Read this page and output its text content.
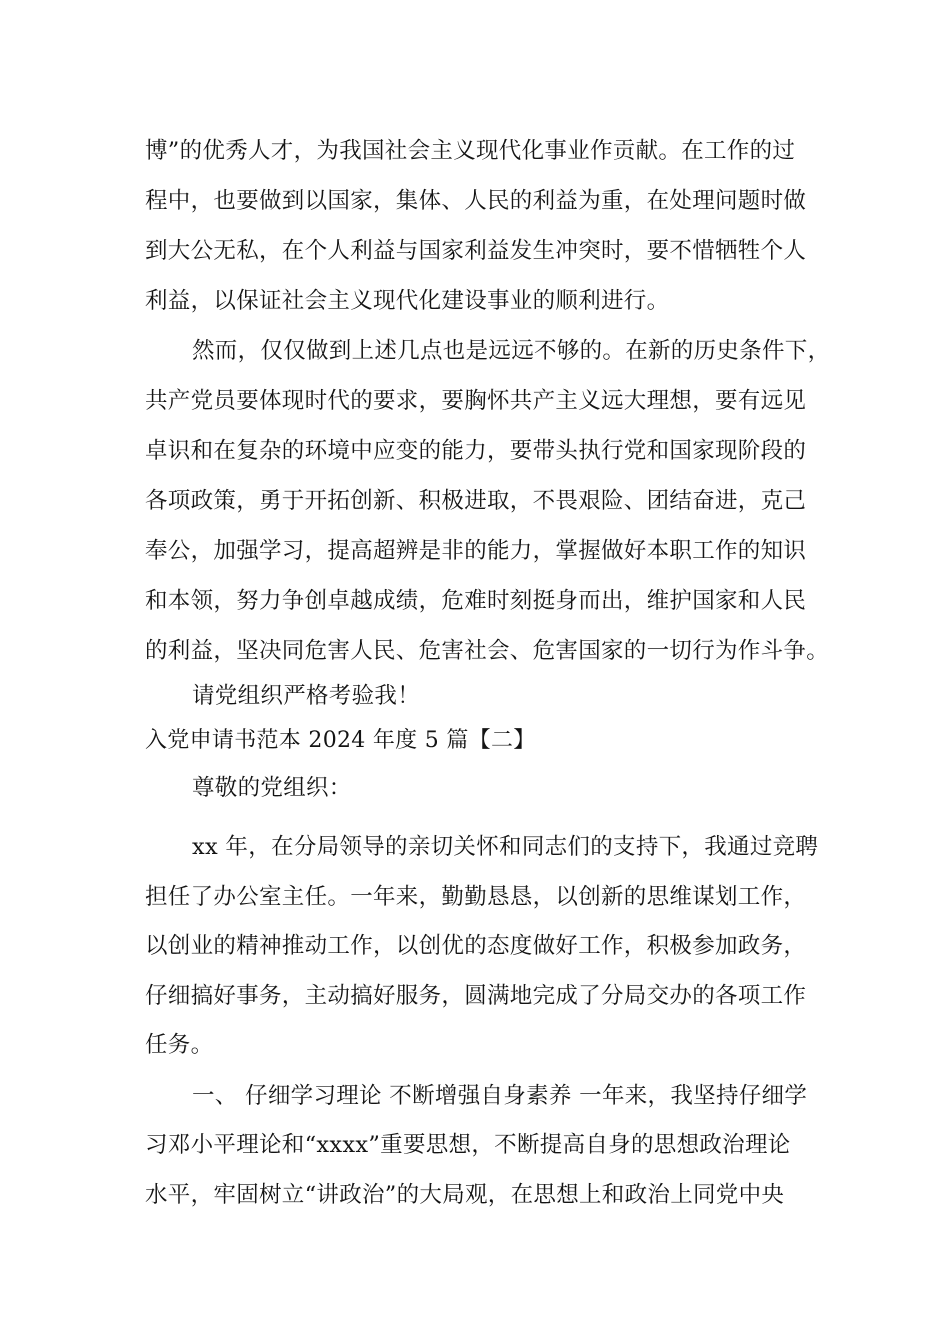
博”的优秀人才，为我国社会主义现代化事业作贡献。在工作的过
程中，也要做到以国家，集体、人民的利益为重，在处理问题时做
到大公无私，在个人利益与国家利益发生冲突时，要不惜牺牲个人
利益，以保证社会主义现代化建设事业的顺利进行。
然而，仅仅做到上述几点也是远远不够的。在新的历史条件下，
共产党员要体现时代的要求，要胸怀共产主义远大理想，要有远见
卓识和在复杂的环境中应变的能力，要带头执行党和国家现阶段的
各项政策，勇于开拓创新、积极进取，不畏艰险、团结奋进，克己
奉公，加强学习，提高超辨是非的能力，掌握做好本职工作的知识
和本领，努力争创卓越成绩，危难时刻挺身而出，维护国家和人民
的利益，坚决同危害人民、危害社会、危害国家的一切行为作斗争。
请党组织严格考验我！
入党申请书范本 2024 年度 5 篇【二】
尊敬的党组织：
xx 年，在分局领导的亲切关怀和同志们的支持下，我通过竞聘
担任了办公室主任。一年来，勤勤恳恳，以创新的思维谋划工作，
以创业的精神推动工作，以创优的态度做好工作，积极参加政务，
仔细搞好事务，主动搞好服务，圆满地完成了分局交办的各项工作
任务。
一、 仔细学习理论 不断增强自身素养 一年来，我坚持仔细学
习邓小平理论和“xxxx”重要思想，不断提高自身的思想政治理论
水平，牢固树立“讲政治”的大局观，在思想上和政治上同党中央
